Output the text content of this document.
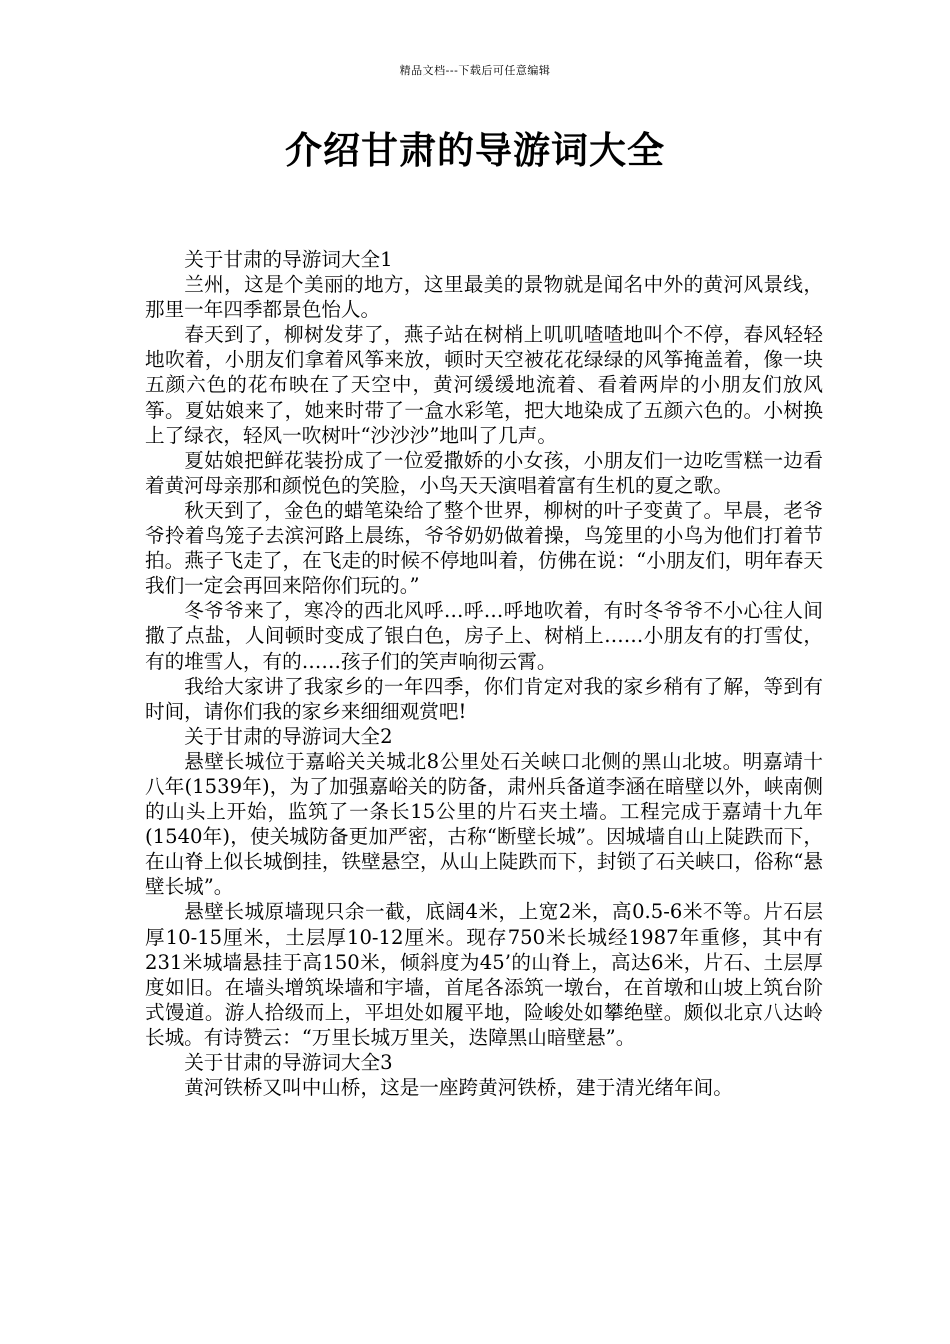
精品文档---下载后可任意编辑
介绍甘肃的导游词大全

关于甘肃的导游词大全1

兰州，这是个美丽的地方，这里最美的景物就是闻名中外的黄河风景线，那里一年四季都景色怡人。

春天到了，柳树发芽了，燕子站在树梢上叽叽喳喳地叫个不停，春风轻轻地吹着，小朋友们拿着风筝来放，顿时天空被花花绿绿的风筝掩盖着，像一块五颜六色的花布映在了天空中，黄河缓缓地流着、看着两岸的小朋友们放风筝。夏姑娘来了，她来时带了一盒水彩笔，把大地染成了五颜六色的。小树换上了绿衣，轻风一吹树叶“沙沙沙”地叫了几声。

夏姑娘把鲜花装扮成了一位爱撒娇的小女孩，小朋友们一边吃雪糕一边看着黄河母亲那和颜悦色的笑脸，小鸟天天演唱着富有生机的夏之歌。

秋天到了，金色的蜡笔染给了整个世界，柳树的叶子变黄了。早晨，老爷爷拎着鸟笼子去滨河路上晨练，爷爷奶奶做着操，鸟笼里的小鸟为他们打着节拍。燕子飞走了，在飞走的时候不停地叫着，仿佛在说：“小朋友们，明年春天我们一定会再回来陪你们玩的。”

冬爷爷来了，寒冷的西北风呼…呼…呼地吹着，有时冬爷爷不小心往人间撒了点盐，人间顿时变成了银白色，房子上、树梢上……小朋友有的打雪仗，有的堆雪人，有的……孩子们的笑声响彻云霄。

我给大家讲了我家乡的一年四季，你们肯定对我的家乡稍有了解，等到有时间，请你们我的家乡来细细观赏吧!

关于甘肃的导游词大全2

悬壁长城位于嘉峪关关城北8公里处石关峡口北侧的黑山北坡。明嘉靖十八年(1539年)，为了加强嘉峪关的防备，肃州兵备道李涵在暗壁以外，峡南侧的山头上开始，监筑了一条长15公里的片石夹土墙。工程完成于嘉靖十九年(1540年)，使关城防备更加严密，古称“断壁长城”。因城墙自山上陡跌而下，在山脊上似长城倒挂，铁壁悬空，从山上陡跌而下，封锁了石关峡口，俗称“悬壁长城”。

悬壁长城原墙现只余一截，底阔4米，上宽2米，高0.5-6米不等。片石层厚10-15厘米，土层厚10-12厘米。现存750米长城经1987年重修，其中有231米城墙悬挂于高150米，倾斜度为45’的山脊上，高达6米，片石、土层厚度如旧。在墙头增筑垛墙和宇墙，首尾各添筑一墩台，在首墩和山坡上筑台阶式馒道。游人拾级而上，平坦处如履平地，险峻处如攀绝壁。颇似北京八达岭长城。有诗赞云：“万里长城万里关，迭障黑山暗壁悬”。

关于甘肃的导游词大全3

黄河铁桥又叫中山桥，这是一座跨黄河铁桥，建于清光绪年间。
